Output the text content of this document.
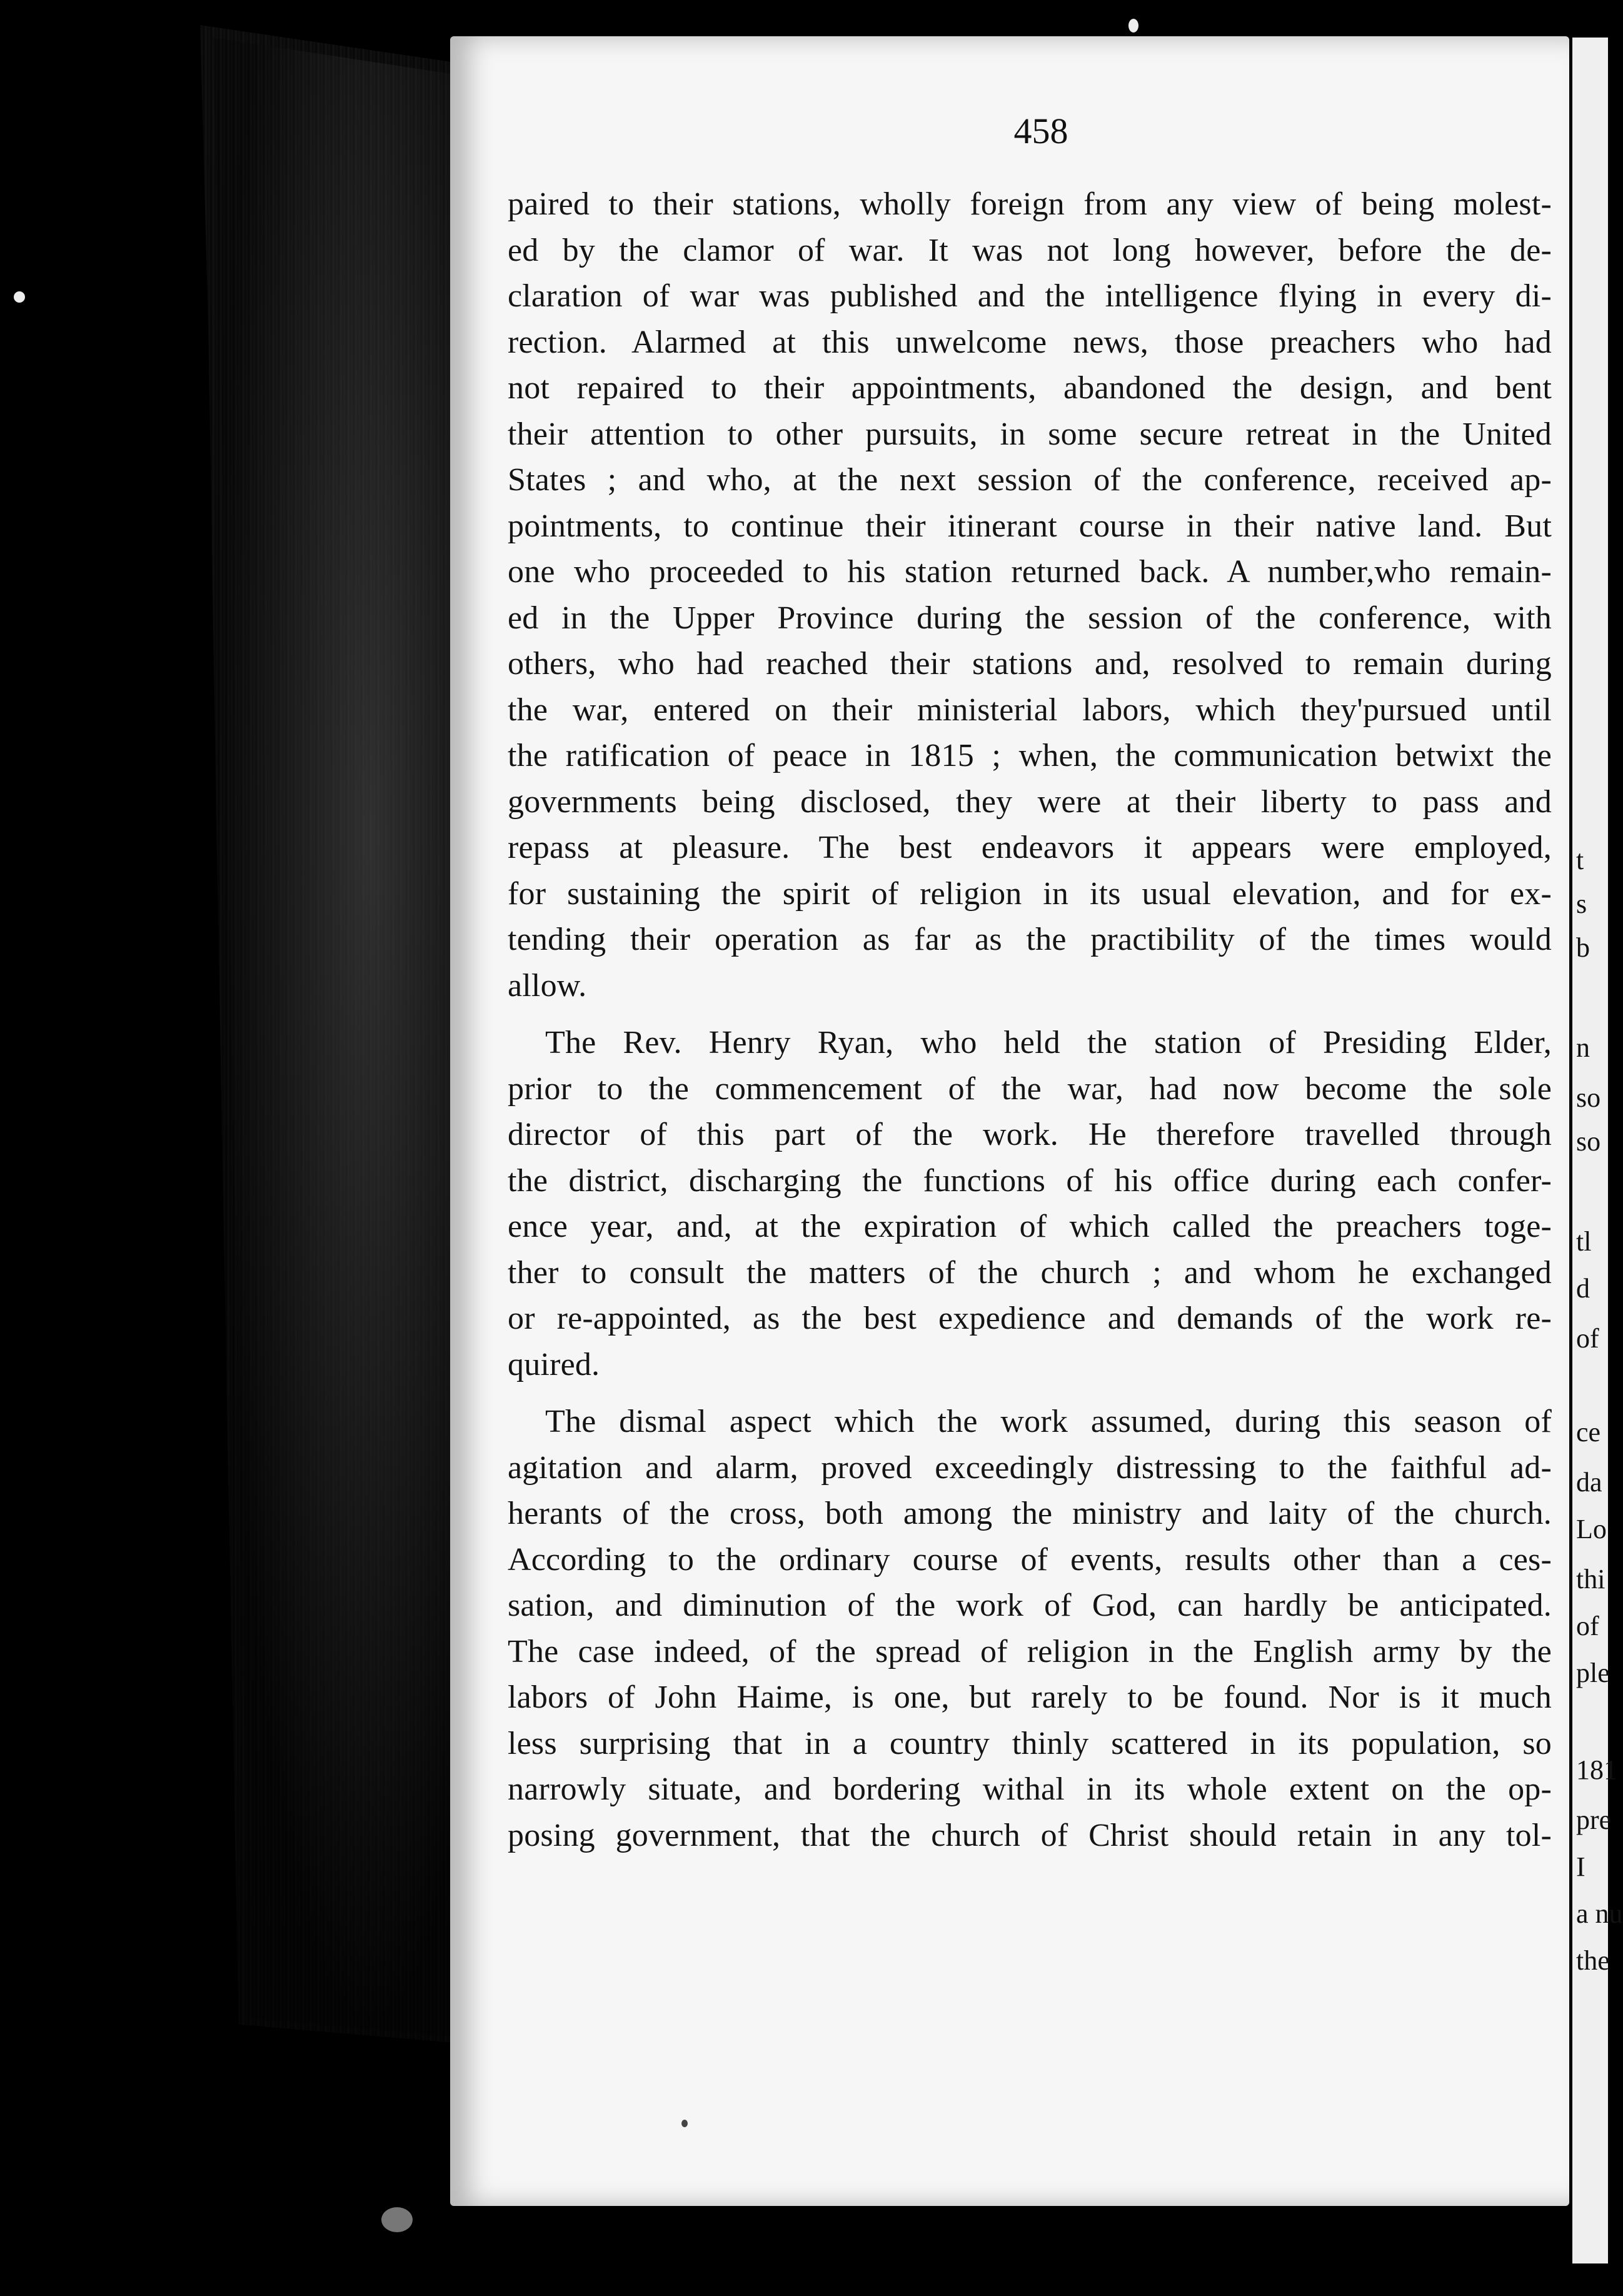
458
t
s
b
n
so
so
tl
d
of
ce
da
Lo
thi
of
ple
181
pre
I
a nu
the
paired to their stations, wholly foreign from any view of being molest-
ed by the clamor of war. It was not long however, before the de-
claration of war was published and the intelligence flying in every di-
rection. Alarmed at this unwelcome news, those preachers who had
not repaired to their appointments, abandoned the design, and bent
their attention to other pursuits, in some secure retreat in the United
States ; and who, at the next session of the conference, received ap-
pointments, to continue their itinerant course in their native land. But
one who proceeded to his station returned back. A number,who remain-
ed in the Upper Province during the session of the conference, with
others, who had reached their stations and, resolved to remain during
the war, entered on their ministerial labors, which they'pursued until
the ratification of peace in 1815 ; when, the communication betwixt the
governments being disclosed, they were at their liberty to pass and
repass at pleasure. The best endeavors it appears were employed,
for sustaining the spirit of religion in its usual elevation, and for ex-
tending their operation as far as the practibility of the times would
allow.
The Rev. Henry Ryan, who held the station of Presiding Elder,
prior to the commencement of the war, had now become the sole
director of this part of the work. He therefore travelled through
the district, discharging the functions of his office during each confer-
ence year, and, at the expiration of which called the preachers toge-
ther to consult the matters of the church ; and whom he exchanged
or re-appointed, as the best expedience and demands of the work re-
quired.
The dismal aspect which the work assumed, during this season of
agitation and alarm, proved exceedingly distressing to the faithful ad-
herants of the cross, both among the ministry and laity of the church.
According to the ordinary course of events, results other than a ces-
sation, and diminution of the work of God, can hardly be anticipated.
The case indeed, of the spread of religion in the English army by the
labors of John Haime, is one, but rarely to be found. Nor is it much
less surprising that in a country thinly scattered in its population, so
narrowly situate, and bordering withal in its whole extent on the op-
posing government, that the church of Christ should retain in any tol-
